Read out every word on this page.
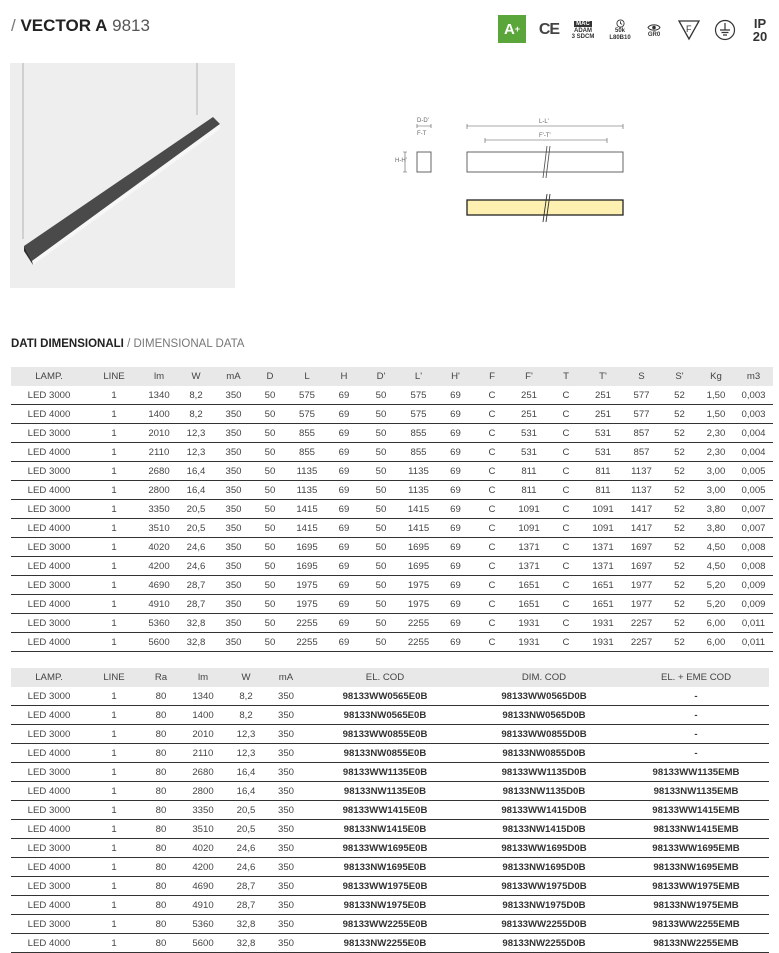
/ VECTOR A 9813	A + CE	MAC
ADAM
3 SDCM
50k
L80B10	GR0
F	IP
20
D-D'
F-T
H-H'
L-L'
F'-T'
DATI DIMENSIONALI / DIMENSIONAL DATA
LAMP.	LINE	lm	W	mA	D	L	H	D'	L'	H'	F	F'	T	T'	S	S'	Kg	m3
LED 3000	1	1340	8,2	350	50	575	69	50	575	69	C	251	C	251	577	52	1,50	0,003
LED 4000	1	1400	8,2	350	50	575	69	50	575	69	C	251	C	251	577	52	1,50	0,003
LED 3000	1	2010	12,3	350	50	855	69	50	855	69	C	531	C	531	857	52	2,30	0,004
LED 4000	1	2110	12,3	350	50	855	69	50	855	69	C	531	C	531	857	52	2,30	0,004
LED 3000	1	2680	16,4	350	50	1135	69	50	1135	69	C	811	C	811	1137	52	3,00	0,005
LED 4000	1	2800	16,4	350	50	1135	69	50	1135	69	C	811	C	811	1137	52	3,00	0,005
LED 3000	1	3350	20,5	350	50	1415	69	50	1415	69	C	1091	C	1091	1417	52	3,80	0,007
LED 4000	1	3510	20,5	350	50	1415	69	50	1415	69	C	1091	C	1091	1417	52	3,80	0,007
LED 3000	1	4020	24,6	350	50	1695	69	50	1695	69	C	1371	C	1371	1697	52	4,50	0,008
LED 4000	1	4200	24,6	350	50	1695	69	50	1695	69	C	1371	C	1371	1697	52	4,50	0,008
LED 3000	1	4690	28,7	350	50	1975	69	50	1975	69	C	1651	C	1651	1977	52	5,20	0,009
LED 4000	1	4910	28,7	350	50	1975	69	50	1975	69	C	1651	C	1651	1977	52	5,20	0,009
LED 3000	1	5360	32,8	350	50	2255	69	50	2255	69	C	1931	C	1931	2257	52	6,00	0,011
LED 4000	1	5600	32,8	350	50	2255	69	50	2255	69	C	1931	C	1931	2257	52	6,00	0,011
LAMP.	LINE	Ra	lm	W	mA	EL. COD	DIM. COD	EL. + EME COD
LED 3000	1	80	1340	8,2	350	98133WW0565E0B	98133WW0565D0B	-
LED 4000	1	80	1400	8,2	350	98133NW0565E0B	98133NW0565D0B	-
LED 3000	1	80	2010	12,3	350	98133WW0855E0B	98133WW0855D0B	-
LED 4000	1	80	2110	12,3	350	98133NW0855E0B	98133NW0855D0B	-
LED 3000	1	80	2680	16,4	350	98133WW1135E0B	98133WW1135D0B	98133WW1135EMB
LED 4000	1	80	2800	16,4	350	98133NW1135E0B	98133NW1135D0B	98133NW1135EMB
LED 3000	1	80	3350	20,5	350	98133WW1415E0B	98133WW1415D0B	98133WW1415EMB
LED 4000	1	80	3510	20,5	350	98133NW1415E0B	98133NW1415D0B	98133NW1415EMB
LED 3000	1	80	4020	24,6	350	98133WW1695E0B	98133WW1695D0B	98133WW1695EMB
LED 4000	1	80	4200	24,6	350	98133NW1695E0B	98133NW1695D0B	98133NW1695EMB
LED 3000	1	80	4690	28,7	350	98133WW1975E0B	98133WW1975D0B	98133WW1975EMB
LED 4000	1	80	4910	28,7	350	98133NW1975E0B	98133NW1975D0B	98133NW1975EMB
LED 3000	1	80	5360	32,8	350	98133WW2255E0B	98133WW2255D0B	98133WW2255EMB
LED 4000	1	80	5600	32,8	350	98133NW2255E0B	98133NW2255D0B	98133NW2255EMB
